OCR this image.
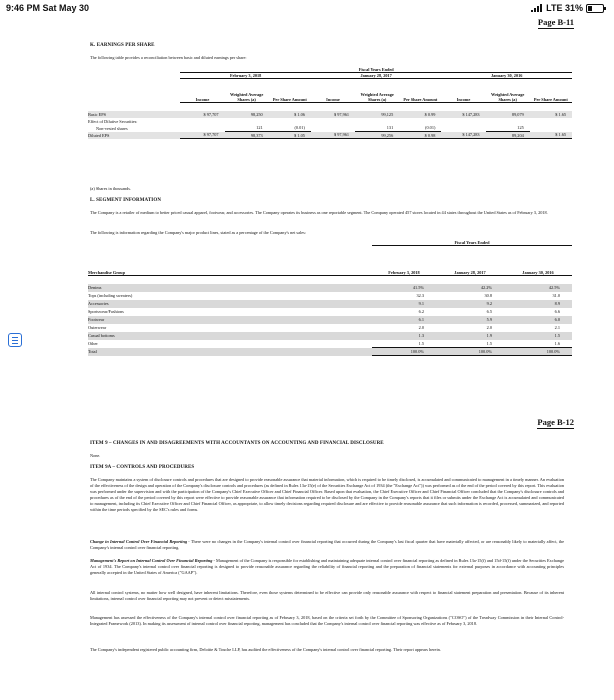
9:46 PM Sat May 30	LTE 31%
Page B-11
K. EARNINGS PER SHARE
The following table provides a reconciliation between basic and diluted earnings per share:
	Fiscal Years Ended								
	February 3, 2018			January 28, 2017			January 30, 2016		
	Income	Weighted Average Shares (a)	Per Share Amount	Income	Weighted Average Shares (a)	Per Share Amount	Income	Weighted Average Shares (a)	Per Share Amount

Basic EPS	$ 97,707	98,250	$ 1.06	$ 97,961	99,125	$ 0.99	$ 147,283	89,079	$ 1.65
Effect of Dilutive Securities:									
Non-vested shares		121	(0.01)		131	(0.01)		125	
Diluted EPS	$ 97,707	98,373	$ 1.05	$ 97,961	99,256	$ 0.98	$ 147,283	89,204	$ 1.65
(a) Shares in thousands.
L. SEGMENT INFORMATION
The Company is a retailer of medium to better priced casual apparel, footwear, and accessories. The Company operates its business as one reportable segment. The Company operated 457 stores located in 44 states throughout the United States as of February 3, 2018.
The following is information regarding the Company's major product lines, stated as a percentage of the Company's net sales:
	Fiscal Years Ended		
Merchandise Group	February 3, 2018	January 28, 2017	January 30, 2016

Denims	41.5%	42.2%	42.5%
Tops (including sweaters)	32.3	30.8	31.0
Accessories	9.1	9.2	8.9
Sportswear/Fashions	6.2	6.5	6.6
Footwear	6.1	5.9	6.0
Outerwear	2.0	2.0	2.1
Casual bottoms	1.3	1.9	1.5
Other	1.5	1.5	1.6
Total	100.0%	100.0%	100.0%
Page B-12
ITEM 9 – CHANGES IN AND DISAGREEMENTS WITH ACCOUNTANTS ON ACCOUNTING AND FINANCIAL DISCLOSURE
None.
ITEM 9A – CONTROLS AND PROCEDURES
The Company maintains a system of disclosure controls and procedures that are designed to provide reasonable assurance that material information, which is required to be timely disclosed, is accumulated and communicated to management in a timely manner. An evaluation of the effectiveness of the design and operation of the Company's disclosure controls and procedures (as defined in Rules 13a-15(e) of the Securities Exchange Act of 1934 (the "Exchange Act")) was performed as of the end of the period covered by this report. This evaluation was performed under the supervision and with the participation of the Company's Chief Executive Officer and Chief Financial Officer. Based upon that evaluation, the Chief Executive Officer and Chief Financial Officer concluded that the Company's disclosure controls and procedures as of the end of the period covered by this report were effective to provide reasonable assurance that information required to be disclosed by the Company in the Company's reports that it files or submits under the Exchange Act is accumulated and communicated to management, including its Chief Executive Officer and Chief Financial Officer, as appropriate, to allow timely decisions regarding required disclosure and are effective to provide reasonable assurance that such information is recorded, processed, summarized, and reported within the time periods specified by the SEC's rules and forms.
Change in Internal Control Over Financial Reporting - There were no changes in the Company's internal control over financial reporting that occurred during the Company's last fiscal quarter that have materially affected, or are reasonably likely to materially affect, the Company's internal control over financial reporting.
Management's Report on Internal Control Over Financial Reporting - Management of the Company is responsible for establishing and maintaining adequate internal control over financial reporting as defined in Rules 13a-15(f) and 15d-15(f) under the Securities Exchange Act of 1934. The Company's internal control over financial reporting is designed to provide reasonable assurance regarding the reliability of financial reporting and the preparation of financial statements for external purposes in accordance with accounting principles generally accepted in the United States of America ("GAAP").
All internal control systems, no matter how well designed, have inherent limitations. Therefore, even those systems determined to be effective can provide only reasonable assurance with respect to financial statement preparation and presentation. Because of its inherent limitations, internal control over financial reporting may not prevent or detect misstatements.
Management has assessed the effectiveness of the Company's internal control over financial reporting as of February 3, 2018, based on the criteria set forth by the Committee of Sponsoring Organizations ("COSO") of the Treadway Commission in their Internal Control-Integrated Framework (2013). In making its assessment of internal control over financial reporting, management has concluded that the Company's internal control over financial reporting was effective as of February 3, 2018.
The Company's independent registered public accounting firm, Deloitte & Touche LLP, has audited the effectiveness of the Company's internal control over financial reporting. Their report appears herein.
